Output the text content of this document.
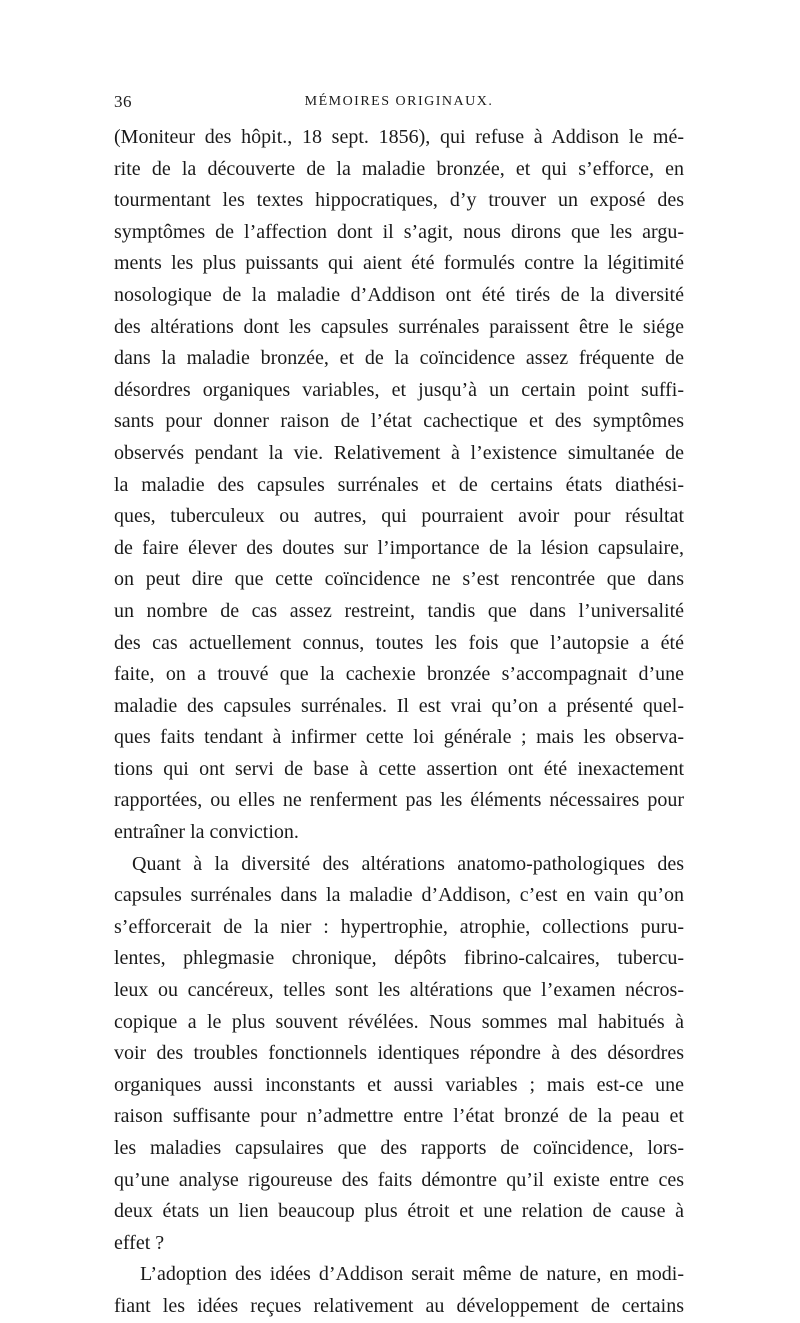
36	MÉMOIRES ORIGINAUX.
(Moniteur des hôpit., 18 sept. 1856), qui refuse à Addison le mé-
rite de la découverte de la maladie bronzée, et qui s’efforce, en
tourmentant les textes hippocratiques, d’y trouver un exposé des
symptômes de l’affection dont il s’agit, nous dirons que les argu-
ments les plus puissants qui aient été formulés contre la légitimité
nosologique de la maladie d’Addison ont été tirés de la diversité
des altérations dont les capsules surrénales paraissent être le siége
dans la maladie bronzée, et de la coïncidence assez fréquente de
désordres organiques variables, et jusqu’à un certain point suffi-
sants pour donner raison de l’état cachectique et des symptômes
observés pendant la vie. Relativement à l’existence simultanée de
la maladie des capsules surrénales et de certains états diathési-
ques, tuberculeux ou autres, qui pourraient avoir pour résultat
de faire élever des doutes sur l’importance de la lésion capsulaire,
on peut dire que cette coïncidence ne s’est rencontrée que dans
un nombre de cas assez restreint, tandis que dans l’universalité
des cas actuellement connus, toutes les fois que l’autopsie a été
faite, on a trouvé que la cachexie bronzée s’accompagnait d’une
maladie des capsules surrénales. Il est vrai qu’on a présenté quel-
ques faits tendant à infirmer cette loi générale ; mais les observa-
tions qui ont servi de base à cette assertion ont été inexactement
rapportées, ou elles ne renferment pas les éléments nécessaires pour
entraîner la conviction.
Quant à la diversité des altérations anatomo-pathologiques des
capsules surrénales dans la maladie d’Addison, c’est en vain qu’on
s’efforcerait de la nier : hypertrophie, atrophie, collections puru-
lentes, phlegmasie chronique, dépôts fibrino-calcaires, tubercu-
leux ou cancéreux, telles sont les altérations que l’examen nécros-
copique a le plus souvent révélées. Nous sommes mal habitués à
voir des troubles fonctionnels identiques répondre à des désordres
organiques aussi inconstants et aussi variables ; mais est-ce une
raison suffisante pour n’admettre entre l’état bronzé de la peau et
les maladies capsulaires que des rapports de coïncidence, lors-
qu’une analyse rigoureuse des faits démontre qu’il existe entre ces
deux états un lien beaucoup plus étroit et une relation de cause à
effet ?
L’adoption des idées d’Addison serait même de nature, en modi-
fiant les idées reçues relativement au développement de certains
